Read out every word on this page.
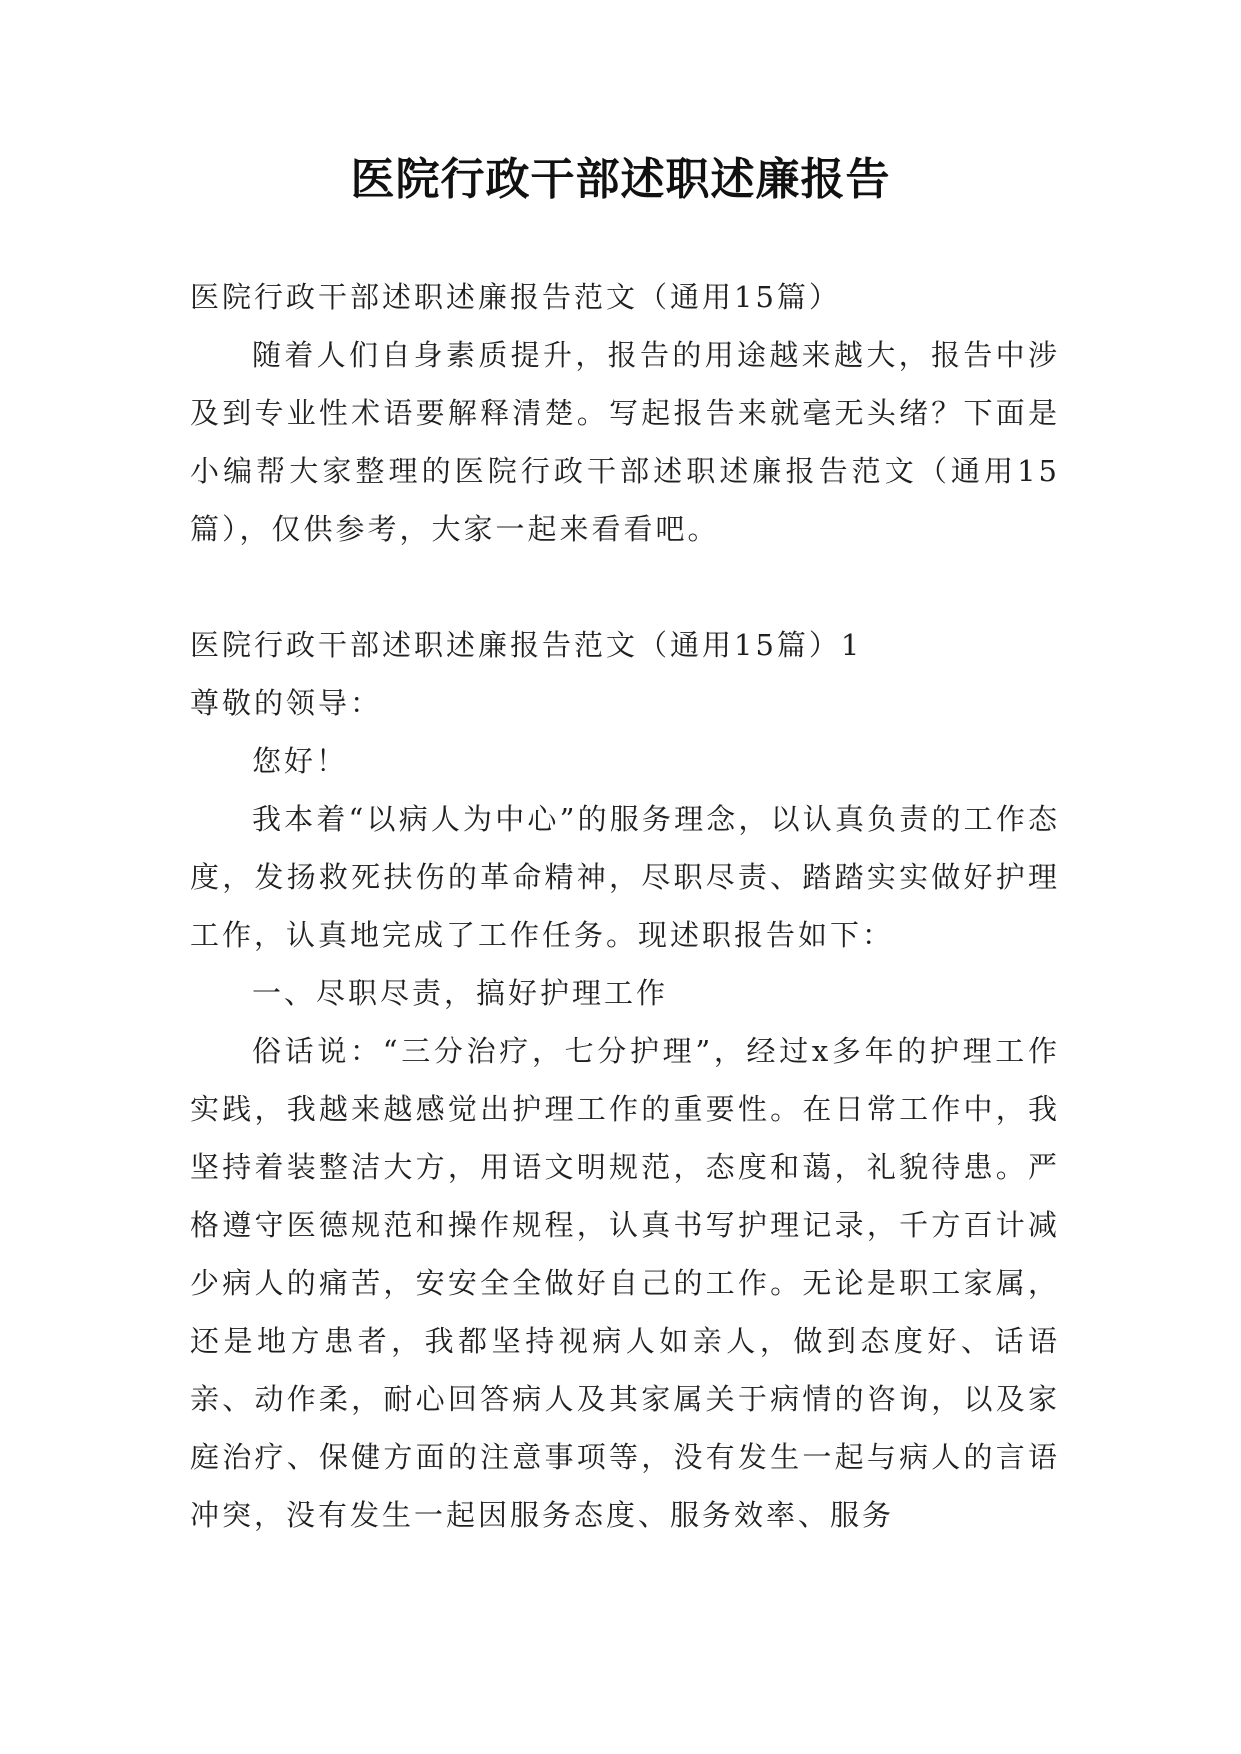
医院行政干部述职述廉报告

医院行政干部述职述廉报告范文（通用15篇）

随着人们自身素质提升，报告的用途越来越大，报告中涉及到专业性术语要解释清楚。写起报告来就毫无头绪？下面是小编帮大家整理的医院行政干部述职述廉报告范文（通用15篇），仅供参考，大家一起来看看吧。

医院行政干部述职述廉报告范文（通用15篇）1

尊敬的领导：

您好！

我本着“以病人为中心”的服务理念，以认真负责的工作态度，发扬救死扶伤的革命精神，尽职尽责、踏踏实实做好护理工作，认真地完成了工作任务。现述职报告如下：

一、尽职尽责，搞好护理工作

俗话说：“三分治疗，七分护理”，经过x多年的护理工作实践，我越来越感觉出护理工作的重要性。在日常工作中，我坚持着装整洁大方，用语文明规范，态度和蔼，礼貌待患。严格遵守医德规范和操作规程，认真书写护理记录，千方百计减少病人的痛苦，安安全全做好自己的工作。无论是职工家属，还是地方患者，我都坚持视病人如亲人，做到态度好、话语亲、动作柔，耐心回答病人及其家属关于病情的咨询，以及家庭治疗、保健方面的注意事项等，没有发生一起与病人的言语冲突，没有发生一起因服务态度、服务效率、服务
